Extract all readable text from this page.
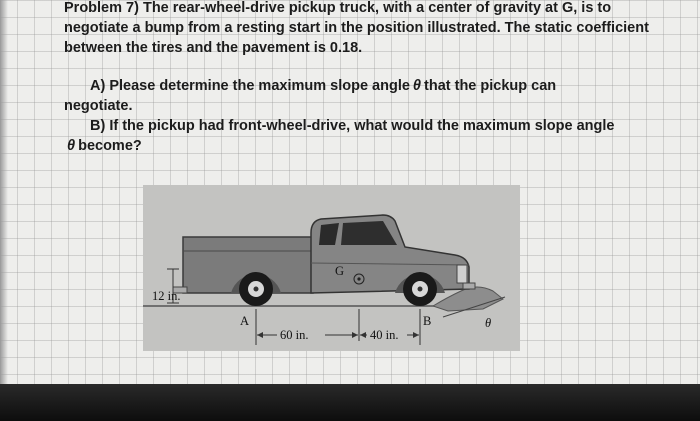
Problem 7) The rear-wheel-drive pickup truck, with a center of gravity at G, is to negotiate a bump from a resting start in the position illustrated. The static coefficient between the tires and the pavement is 0.18.

A) Please determine the maximum slope angle θ that the pickup can negotiate.

B) If the pickup had front-wheel-drive, what would the maximum slope angleθ become?

G
12 in.
A	B	θ
60 in.	40 in.
